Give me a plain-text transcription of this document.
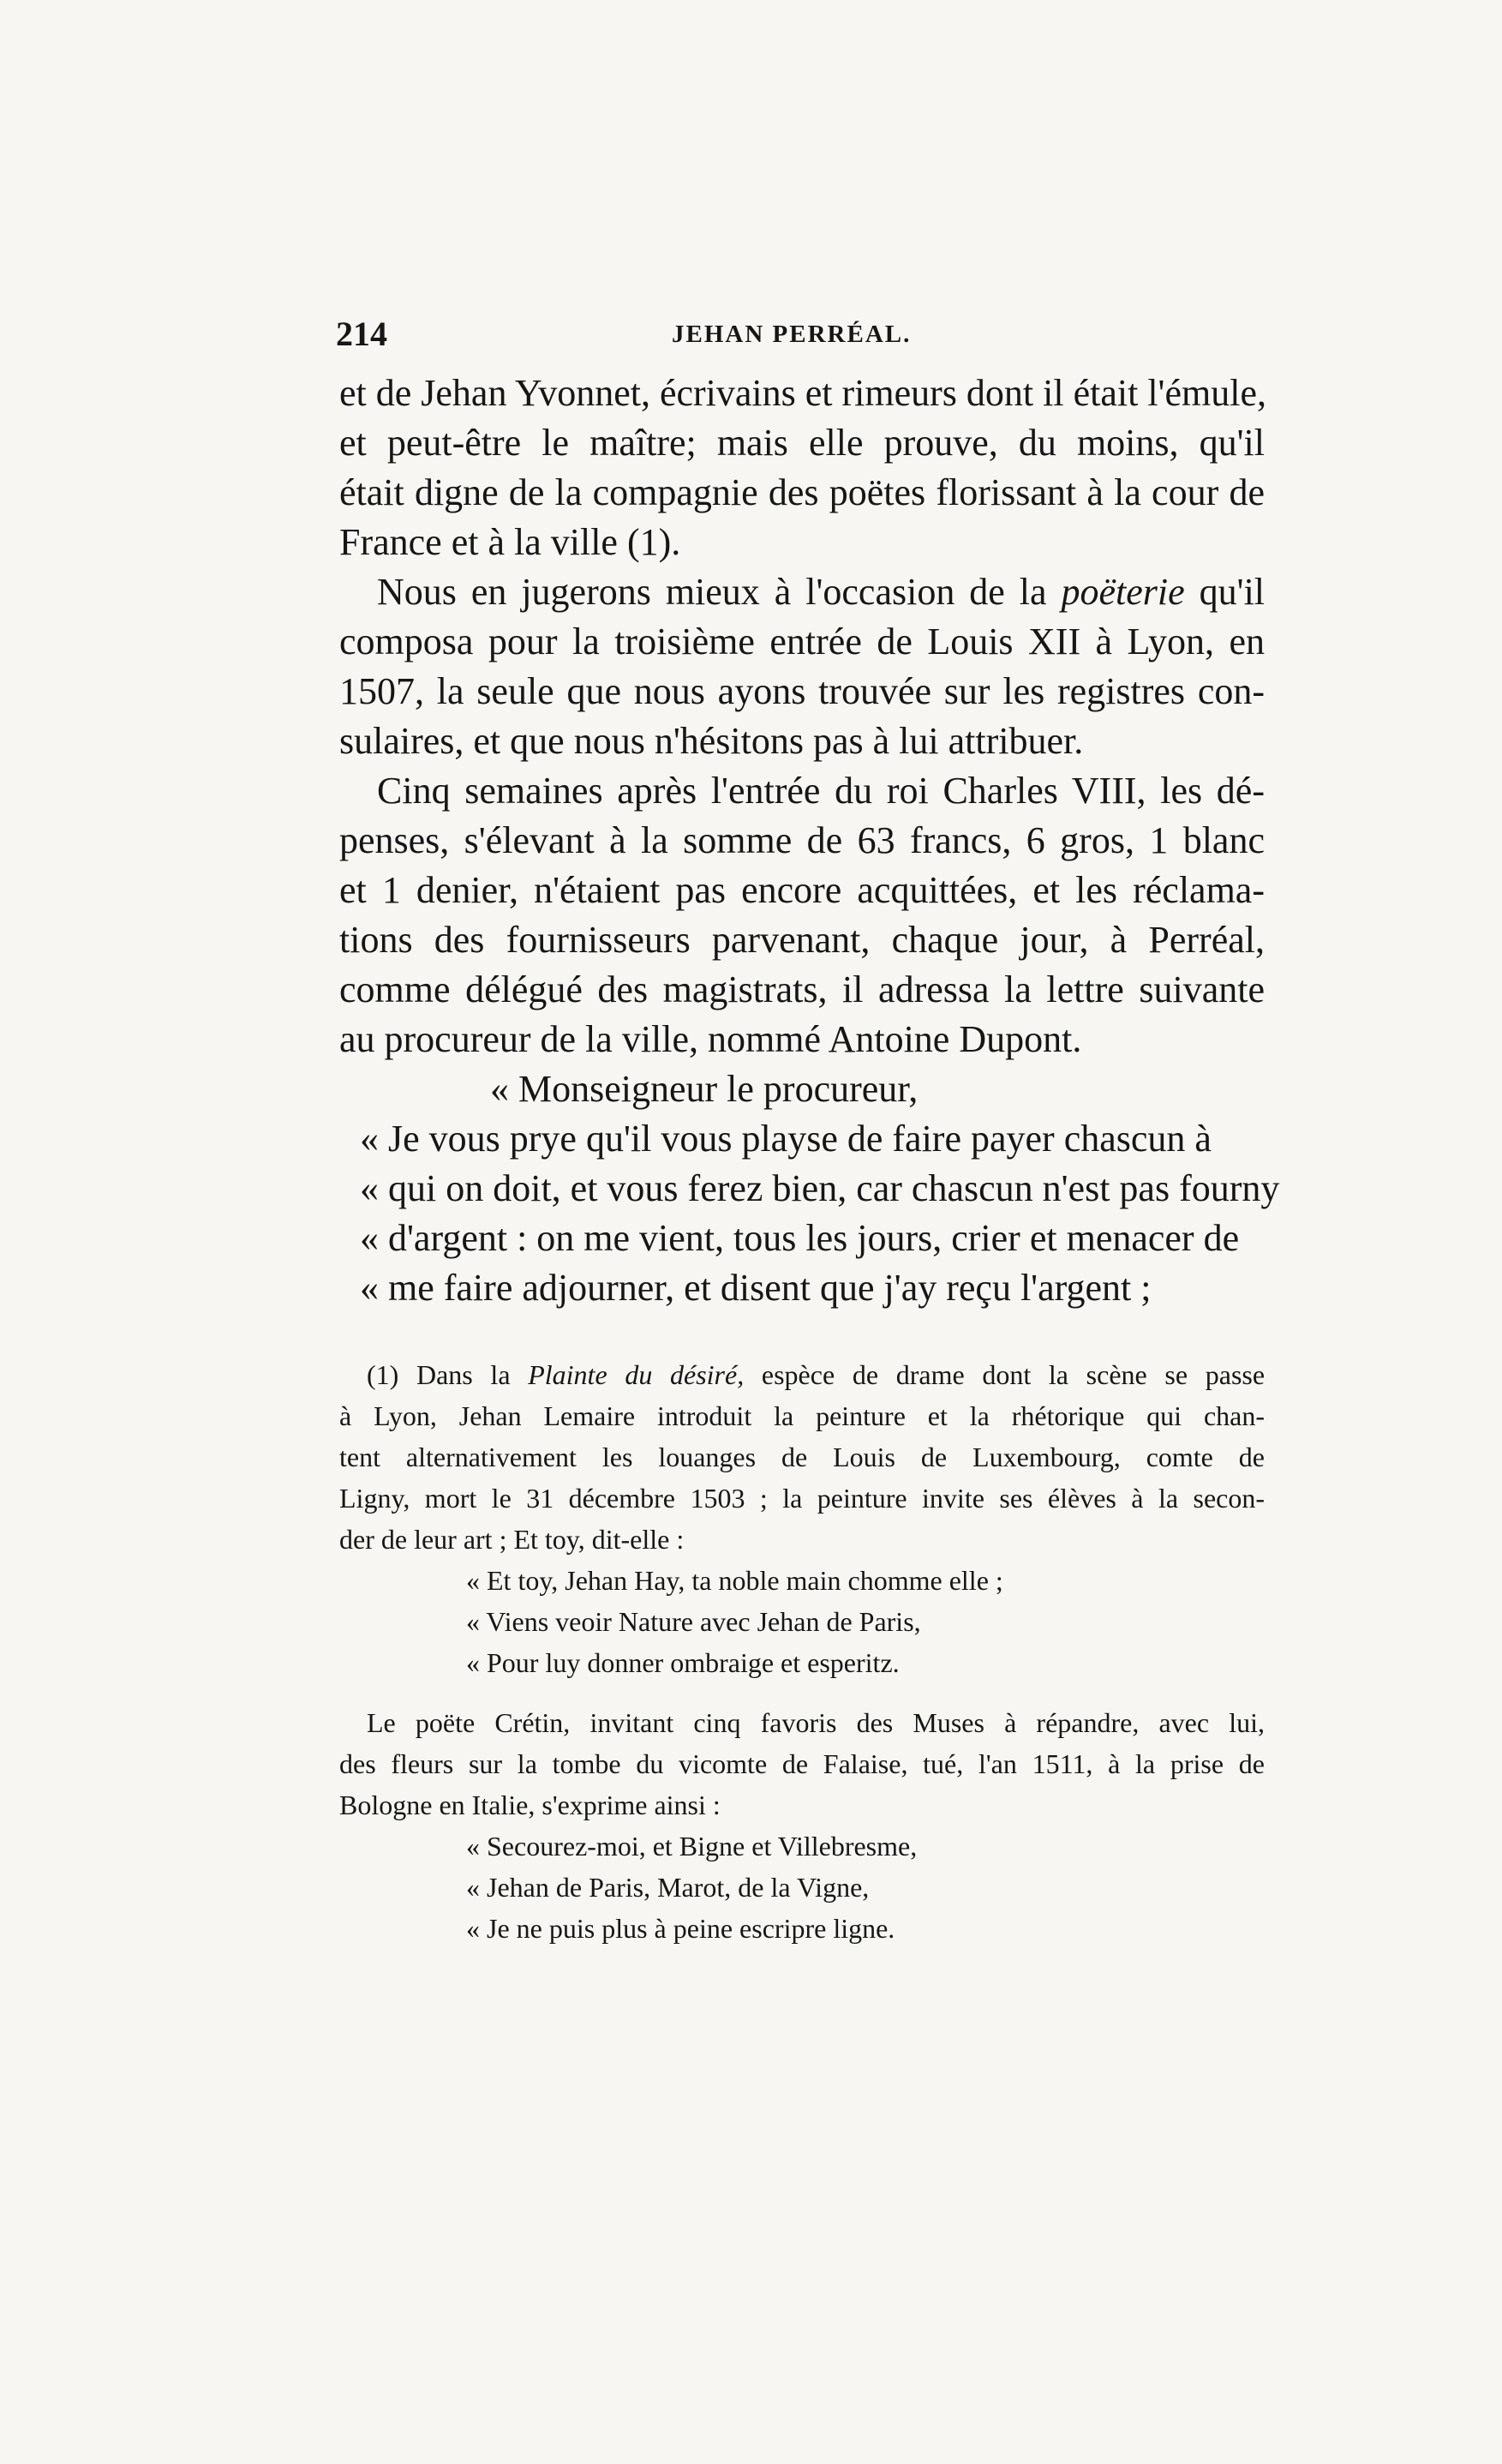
214	JEHAN PERRÉAL.
et de Jehan Yvonnet, écrivains et rimeurs dont il était l'émule,
et peut-être le maître; mais elle prouve, du moins, qu'il
était digne de la compagnie des poëtes florissant à la cour de
France et à la ville (1).
Nous en jugerons mieux à l'occasion de la poëterie qu'il
composa pour la troisième entrée de Louis XII à Lyon, en
1507, la seule que nous ayons trouvée sur les registres con-
sulaires, et que nous n'hésitons pas à lui attribuer.
Cinq semaines après l'entrée du roi Charles VIII, les dé-
penses, s'élevant à la somme de 63 francs, 6 gros, 1 blanc
et 1 denier, n'étaient pas encore acquittées, et les réclama-
tions des fournisseurs parvenant, chaque jour, à Perréal,
comme délégué des magistrats, il adressa la lettre suivante
au procureur de la ville, nommé Antoine Dupont.
« Monseigneur le procureur,
« Je vous prye qu'il vous playse de faire payer chascun à
« qui on doit, et vous ferez bien, car chascun n'est pas fourny
« d'argent : on me vient, tous les jours, crier et menacer de
« me faire adjourner, et disent que j'ay reçu l'argent ;
(1) Dans la Plainte du désiré, espèce de drame dont la scène se passe
à Lyon, Jehan Lemaire introduit la peinture et la rhétorique qui chan-
tent alternativement les louanges de Louis de Luxembourg, comte de
Ligny, mort le 31 décembre 1503 ; la peinture invite ses élèves à la secon-
der de leur art ; Et toy, dit-elle :
« Et toy, Jehan Hay, ta noble main chomme elle ;
« Viens veoir Nature avec Jehan de Paris,
« Pour luy donner ombraige et esperitz.
Le poëte Crétin, invitant cinq favoris des Muses à répandre, avec lui,
des fleurs sur la tombe du vicomte de Falaise, tué, l'an 1511, à la prise de
Bologne en Italie, s'exprime ainsi :
« Secourez-moi, et Bigne et Villebresme,
« Jehan de Paris, Marot, de la Vigne,
« Je ne puis plus à peine escripre ligne.
